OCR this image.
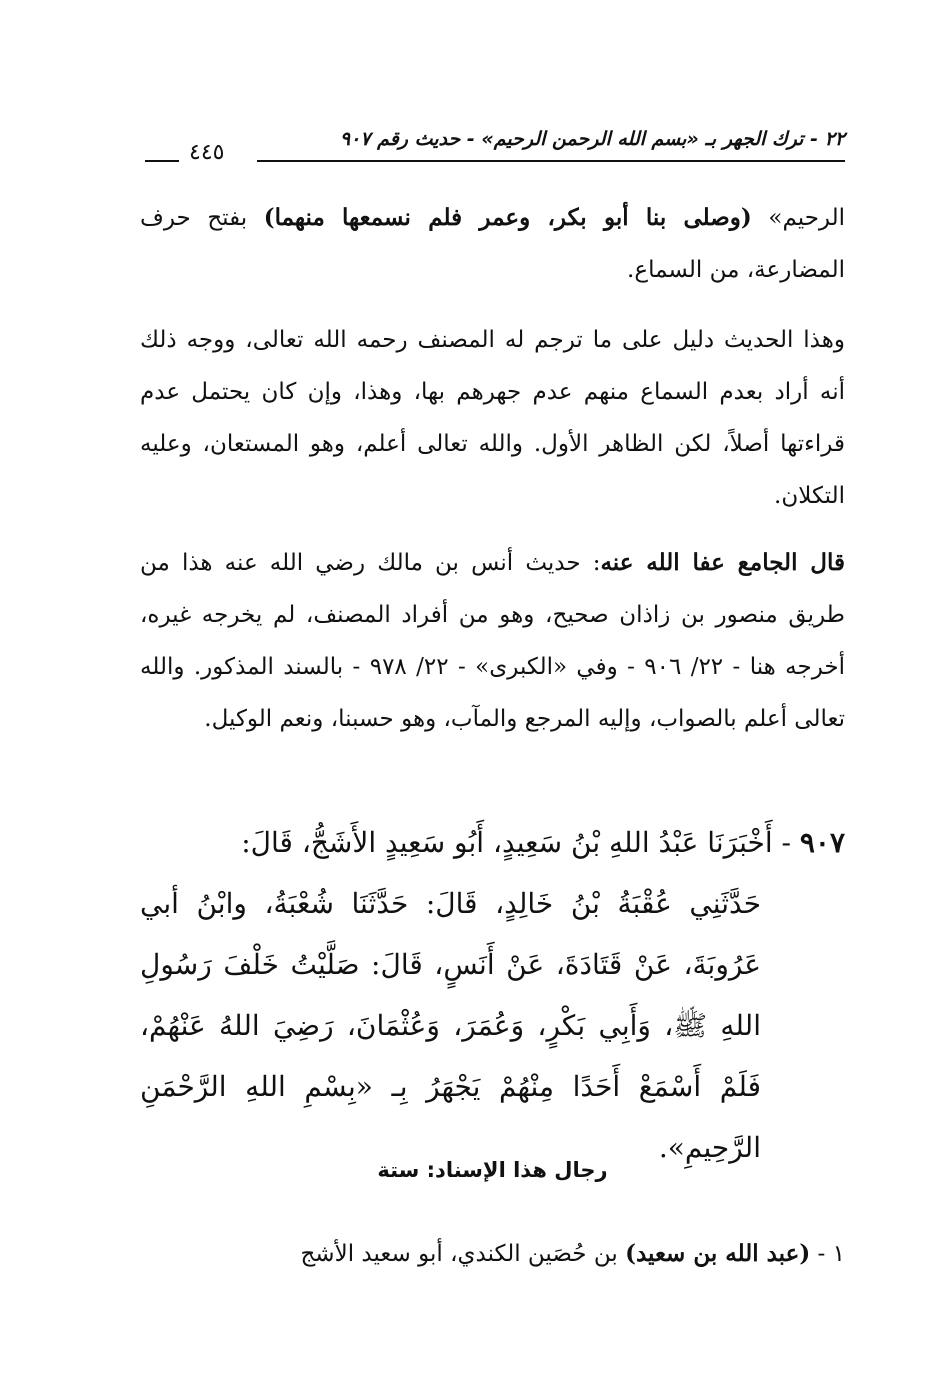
٢٢ - ترك الجهر بـ «بسم الله الرحمن الرحيم» - حديث رقم ٩٠٧
٤٤٥
الرحيم» (وصلى بنا أبو بكر، وعمر فلم نسمعها منهما) بفتح حرف المضارعة، من السماع.
وهذا الحديث دليل على ما ترجم له المصنف رحمه الله تعالى، ووجه ذلك أنه أراد بعدم السماع منهم عدم جهرهم بها، وهذا، وإن كان يحتمل عدم قراءتها أصلاً، لكن الظاهر الأول. والله تعالى أعلم، وهو المستعان، وعليه التكلان.
قال الجامع عفا الله عنه: حديث أنس بن مالك رضي الله عنه هذا من طريق منصور بن زاذان صحيح، وهو من أفراد المصنف، لم يخرجه غيره، أخرجه هنا - ٢٢/ ٩٠٦ - وفي «الكبرى» - ٢٢/ ٩٧٨ - بالسند المذكور. والله تعالى أعلم بالصواب، وإليه المرجع والمآب، وهو حسبنا، ونعم الوكيل.
٩٠٧ - أَخْبَرَنَا عَبْدُ اللهِ بْنُ سَعِيدٍ، أَبُو سَعِيدٍ الأَشَجُّ، قَالَ:
حَدَّثَنِي عُقْبَةُ بْنُ خَالِدٍ، قَالَ: حَدَّثَنَا شُعْبَةُ، وابْنُ أبي عَرُوبَةَ، عَنْ قَتَادَةَ، عَنْ أَنَسٍ، قَالَ: صَلَّيْتُ خَلْفَ رَسُولِ اللهِ ﷺ، وَأَبِي بَكْرٍ، وَعُمَرَ، وَعُثْمَانَ، رَضِيَ اللهُ عَنْهُمْ، فَلَمْ أَسْمَعْ أَحَدًا مِنْهُمْ يَجْهَرُ بِـ «بِسْمِ اللهِ الرَّحْمَنِ الرَّحِيمِ».
رجال هذا الإسناد: ستة
١ - (عبد الله بن سعيد) بن حُصَين الكندي، أبو سعيد الأشج
